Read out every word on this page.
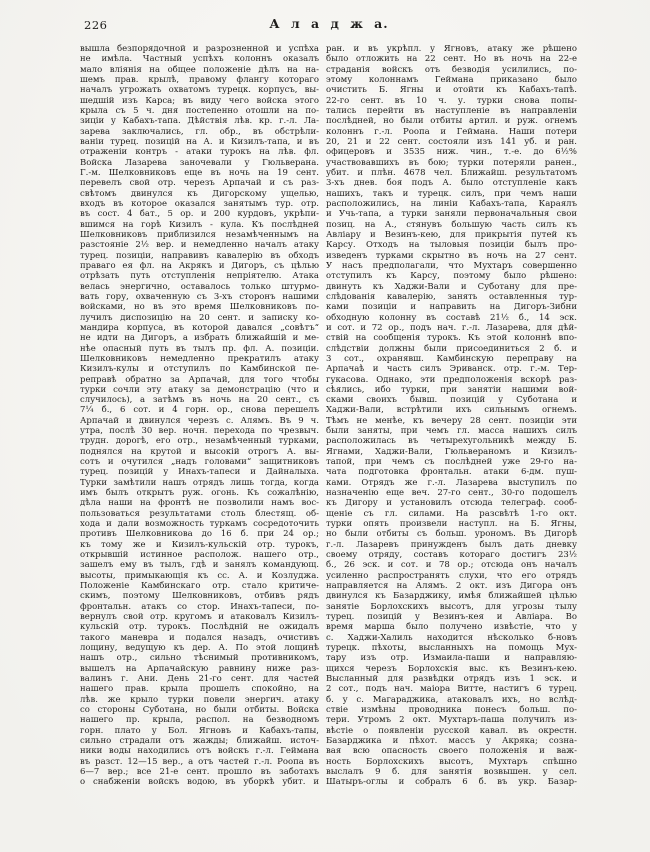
226	А л а д ж а.
вышла безпорядочной и разрозненной и успѣха
не имѣла. Частный успѣхъ колоннъ оказалъ
мало вліянія на общее положеніе дѣлъ на на-
шемъ прав. крылѣ, правому флангу котораго
началъ угрожать охватомъ турецк. корпусъ, вы-
шедшій изъ Карса; въ виду чего войска этого
крыла съ 5 ч. дня постепенно отошли на по-
зиціи у Кабахъ-тапа. Дѣйствія лѣв. кр. г.-л. Ла-
зарева заключались, гл. обр., въ обстрѣли-
ваніи турец. позицій на А. и Кизилъ-тапа, и въ
отраженіи контръ - атаки турокъ на лѣв. фл.
Войска Лазарева заночевали у Гюльверана.
Г.-м. Шелковниковъ еще въ ночь на 19 сент.
перевелъ свой отр. черезъ Арпачай и съ раз-
свѣтомъ двинулся къ Дигорскому ущелью,
входъ въ которое оказался занятымъ тур. отр.
въ сост. 4 бат., 5 ор. и 200 курдовъ, укрѣпи-
вшимся на горѣ Кизилъ - кула. Къ послѣдней
Шелковниковъ приблизился незамѣченнымъ на
разстояніе 2½ вер. и немедленно началъ атаку
турец. позиціи, направивъ кавалерію въ обходъ
праваго ея фл. на Акрякъ и Дигоръ, съ цѣлью
отрѣзать путь отступленія непріятелю. Атака
велась энергично, оставалось только штурмо-
вать гору, охваченную съ 3-хъ сторонъ нашими
войсками, но въ это время Шелковниковъ по-
лучилъ диспозицію на 20 сент. и записку ко-
мандира корпуса, въ которой давался „совѣтъ“
не идти на Дигоръ, а избрать ближайшій и ме-
нѣе опасный путь въ тылъ пр. фл. А. позиціи.
Шелковниковъ немедленно прекратилъ атаку
Кизилъ-кулы и отступилъ по Камбинской пе-
реправѣ обратно за Арпачай, для того чтобы
турки сочли эту атаку за демонстрацію (что и
случилось), а затѣмъ въ ночь на 20 сент., съ
7¼ б., 6 сот. и 4 горн. ор., снова перешелъ
Арпачай и двинулся черезъ с. Алямъ. Въ 9 ч.
утра, послѣ 30 вер. ночн. перехода по чрезвыч.
трудн. дорогѣ, его отр., незамѣченный турками,
поднялся на крутой и высокій отрогъ А. вы-
сотъ и очутился „надъ головами“ защитниковъ
турец. позицій у Инахъ-тапеси и Дайналыха.
Турки замѣтили нашъ отрядъ лишь тогда, когда
имъ былъ открытъ руж. огонь. Къ сожалѣнію,
дѣла наши на фронтѣ не позволили намъ вос-
пользоваться результатами столь блестящ. об-
хода и дали возможность туркамъ сосредоточить
противъ Шелковникова до 16 б. при 24 ор.;
къ тому же и Кизилъ-кульскій отр. турокъ,
открывшій истинное располож. нашего отр.,
зашелъ ему въ тылъ, гдѣ и занялъ командующ.
высоты, примыкающія къ сс. А. и Козлуджа.
Положеніе Камбинскаго отр. стало критиче-
скимъ, поэтому Шелковниковъ, отбивъ рядъ
фронтальн. атакъ со стор. Инахъ-тапеси, по-
вернулъ свой отр. кругомъ и атаковалъ Кизилъ-
кульскій отр. турокъ. Послѣдній не ожидалъ
такого маневра и подался назадъ, очистивъ
лощину, ведущую къ дер. А. По этой лощинѣ
нашъ отр., сильно тѣснимый противникомъ,
вышелъ на Арпачайскую равнину ниже раз-
валинъ г. Ани. День 21-го сент. для частей
нашего прав. крыла прошелъ спокойно, на
лѣв. же крыло турки повели энергич. атаку
со стороны Суботана, но были отбиты. Войска
нашего пр. крыла, распол. на безводномъ
горн. плато у Бол. Ягновъ и Кабахъ-тапы,
сильно страдали отъ жажды; ближайш. источ-
ники воды находились отъ войскъ г.-л. Геймана
въ разст. 12—15 вер., а отъ частей г.-л. Роопа въ
6—7 вер.; все 21-е сент. прошло въ заботахъ
о снабженіи войскъ водою, въ уборкѣ убит. и
ран. и въ укрѣпл. у Ягновъ, атаку же рѣшено
было отложить на 22 сент. Но въ ночь на 22-е
страданія войскъ отъ безводія усилились, по-
этому колоннамъ Геймана приказано было
очистить Б. Ягны и отойти къ Кабахъ-тапѣ.
22-го сент. въ 10 ч. у. турки снова попы-
тались перейти въ наступленіе въ направленіи
послѣдней, но были отбиты артил. и руж. огнемъ
колоннъ г.-л. Роопа и Геймана. Наши потери
20, 21 и 22 сент. состояли изъ 141 уб. и ран.
офицеровъ и 3535 ниж. чин., т.-е. до 6½%
участвовавшихъ въ бою; турки потеряли ранен.,
убит. и плѣн. 4678 чел. Ближайш. результатомъ
3-хъ днев. боя подъ А. было отступленіе какъ
нашихъ, такъ и турецк. силъ, при чемъ наши
расположились, на линіи Кабахъ-тапа, Караялъ
и Учь-тапа, а турки заняли первоначальныя свои
позиц. на А., стянувъ большую часть силъ къ
Авліару и Везинъ-кею, для прикрытія путей къ
Карсу. Отходъ на тыловыя позиціи былъ про-
изведенъ турками скрытно въ ночь на 27 сент.
У насъ предполагали, что Мухтаръ совершенно
отступилъ къ Карсу, поэтому было рѣшено:
двинуть къ Хаджи-Вали и Суботану для пре-
слѣдованія кавалерію, занять оставленныя тур-
ками позиціи и направить на Дигоръ-Зибни
обходную колонну въ составѣ 21½ б., 14 эск.
и сот. и 72 ор., подъ нач. г.-л. Лазарева, для дѣй-
ствій на сообщенія турокъ. Къ этой колоннѣ впо-
слѣдствіи должны были присоединиться 2 б. и
3 сот., охранявш. Камбинскую переправу на
Арпачаѣ и часть силъ Эриванск. отр. г.-м. Тер-
гукасова. Однако, эти предположенія вскорѣ раз-
сѣялись, ибо турки, при занятіи нашими вой-
сками своихъ бывш. позицій у Суботана и
Хаджи-Вали, встрѣтили ихъ сильнымъ огнемъ.
Тѣмъ не менѣе, къ вечеру 28 сент. позиціи эти
были заняты, при чемъ гл. масса нашихъ силъ
расположилась въ четырехугольникѣ между Б.
Ягнами, Хаджи-Вали, Гюльвераномъ и Кизилъ-
тапой, при чемъ съ послѣдней уже 29-го на-
чата подготовка фронтальн. атаки 6-дм. пуш-
ками. Отрядъ же г.-л. Лазарева выступилъ по
назначенію еще веч. 27-го сент., 30-го подошелъ
къ Дигору и установилъ отсюда телеграф. сооб-
щеніе съ гл. силами. На разсвѣтѣ 1-го окт.
турки опять произвели наступл. на Б. Ягны,
но были отбиты съ больш. урономъ. Въ Дигорѣ
г.-л. Лазаревъ принужденъ былъ дать дневку
своему отряду, составъ котораго достигъ 23½
б., 26 эск. и сот. и 78 ор.; отсюда онъ началъ
усиленно распространять слухи, что его отрядъ
направляется на Алямъ. 2 окт. изъ Дигора онъ
двинулся къ Базарджику, имѣя ближайшей цѣлью
занятіе Борлохскихъ высотъ, для угрозы тылу
турец. позицій у Везинъ-кея и Авліара. Во
время марша было получено извѣстіе, что у
с. Хаджи-Халиль находится нѣсколько б-новъ
турецк. пѣхоты, высланныхъ на помощь Мух-
тару изъ отр. Измаила-паши и направляю-
щихся черезъ Борлохскія выс. къ Везинъ-кею.
Высланный для развѣдки отрядъ изъ 1 эск. и
2 сот., подъ нач. маіора Витте, настигъ 6 турец.
б. у с. Магараджика, атаковалъ ихъ, но вслѣд-
ствіе измѣны проводника понесъ больш. по-
тери. Утромъ 2 окт. Мухтаръ-паша получилъ из-
вѣстіе о появленіи русской кавал. въ окрестн.
Базарджика и пѣхот. массъ у Акряка; созна-
вая всю опасность своего положенія и важ-
ность Борлохскихъ высотъ, Мухтаръ спѣшно
выслалъ 9 б. для занятія возвышен. у сел.
Шатыръ-оглы и собралъ 6 б. въ укр. Базар-
